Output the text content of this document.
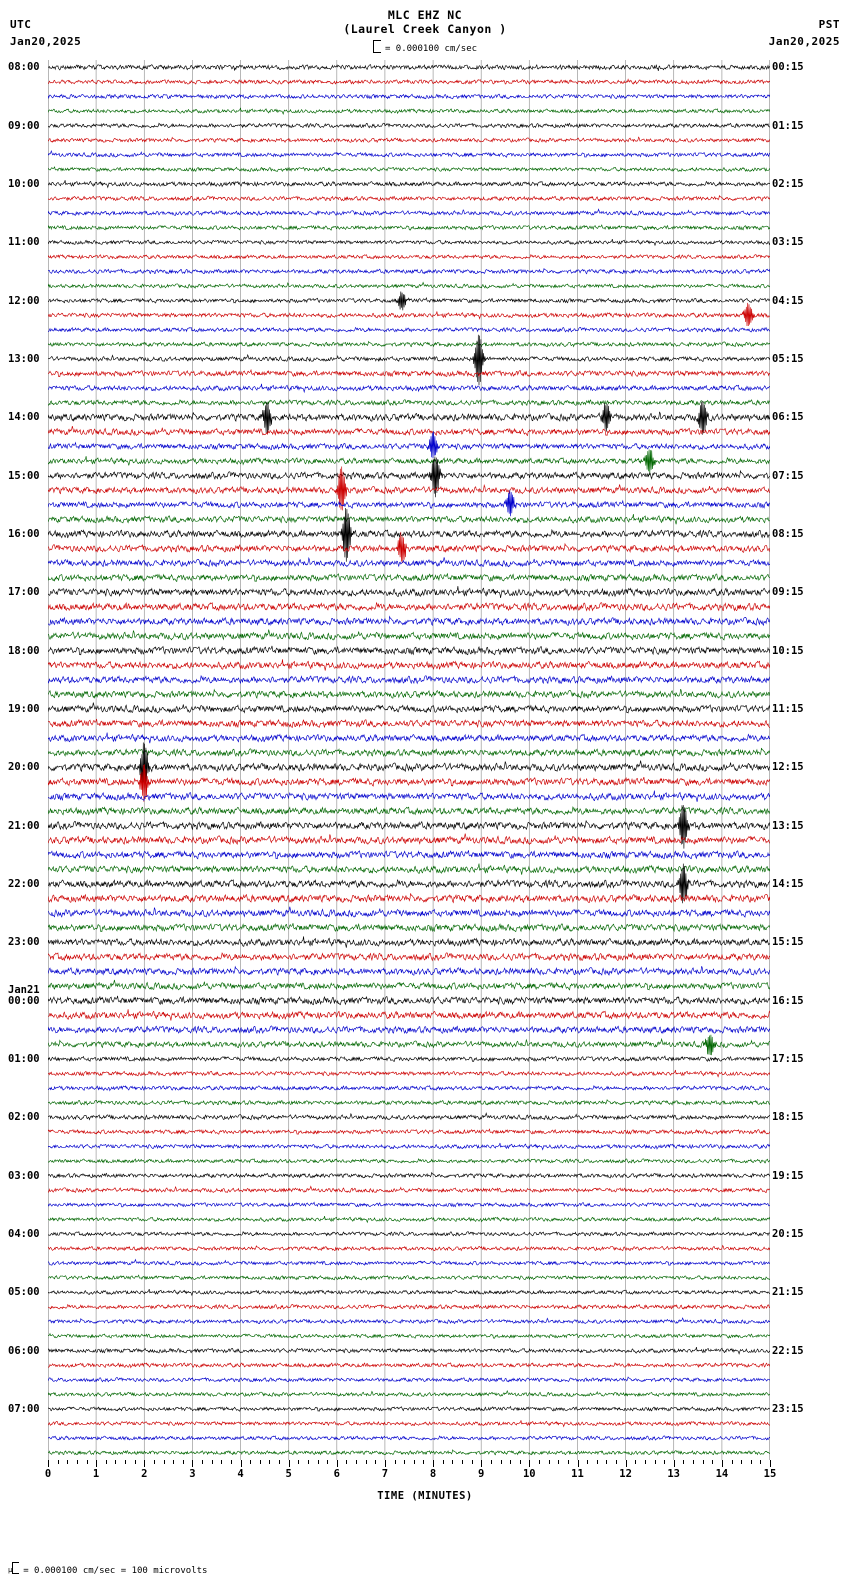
UTC
Jan20,2025
PST
Jan20,2025
MLC EHZ NC
(Laurel Creek Canyon )
= 0.000100 cm/sec
08:00
09:00
10:00
11:00
12:00
13:00
14:00
15:00
16:00
17:00
18:00
19:00
20:00
21:00
22:00
23:00
Jan21
00:00
01:00
02:00
03:00
04:00
05:00
06:00
07:00
00:15
01:15
02:15
03:15
04:15
05:15
06:15
07:15
08:15
09:15
10:15
11:15
12:15
13:15
14:15
15:15
16:15
17:15
18:15
19:15
20:15
21:15
22:15
23:15
0	1	2	3	4	5	6	7	8	9	10	11	12	13	14	15
TIME (MINUTES)
μ = 0.000100 cm/sec = 100 microvolts
